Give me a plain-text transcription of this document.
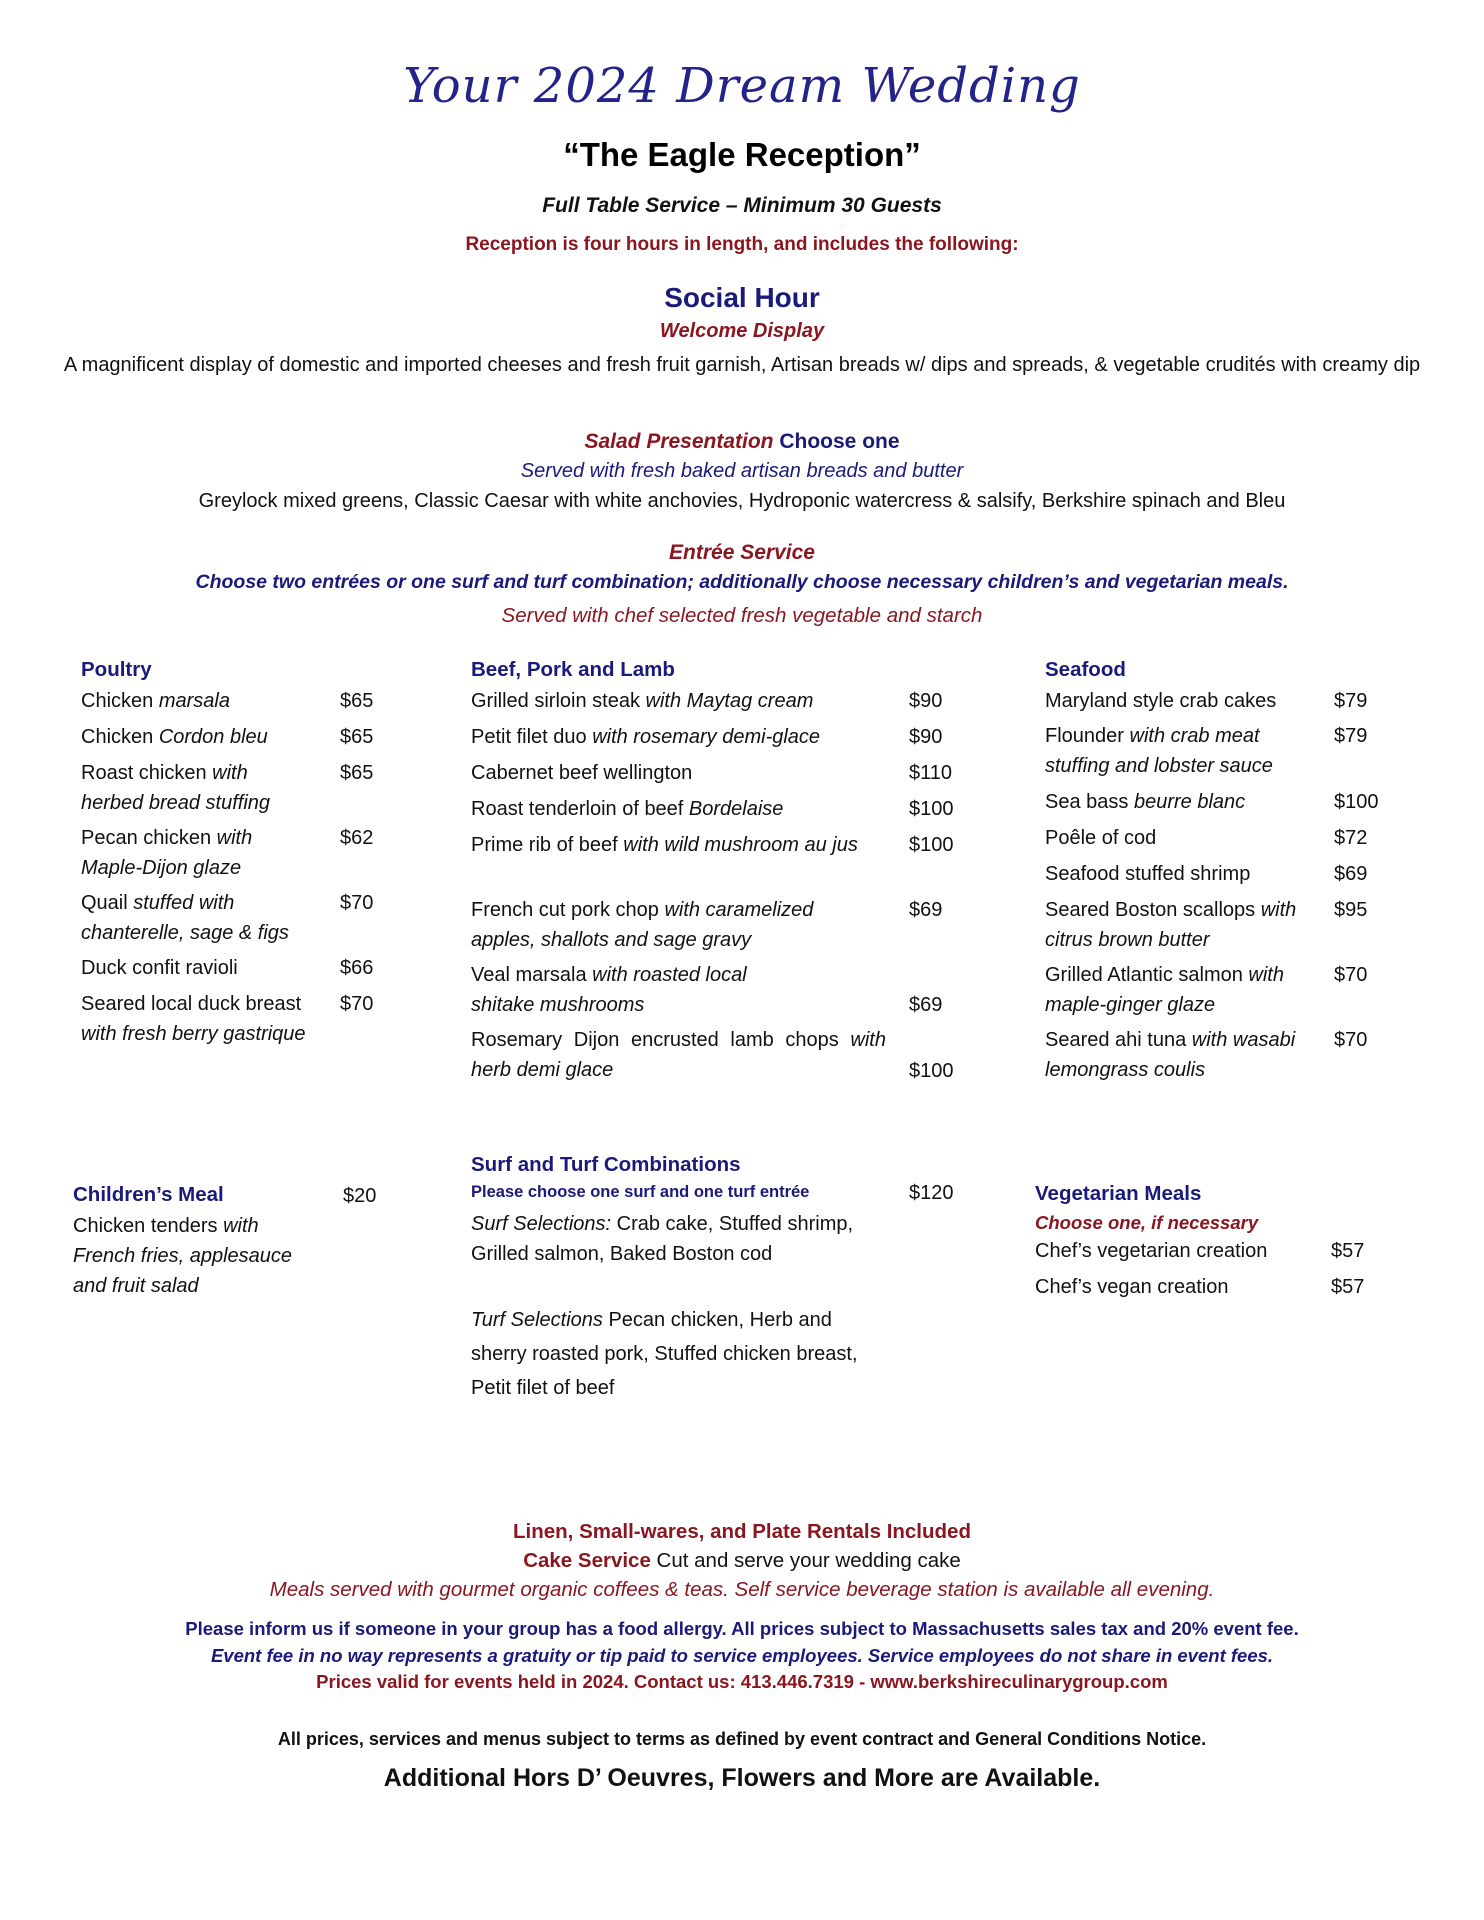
Your 2024 Dream Wedding
“The Eagle Reception”
Full Table Service – Minimum 30 Guests
Reception is four hours in length, and includes the following:
Social Hour
Welcome Display
A magnificent display of domestic and imported cheeses and fresh fruit garnish, Artisan breads w/ dips and spreads, & vegetable crudités with creamy dip
Salad Presentation Choose one
Served with fresh baked artisan breads and butter
Greylock mixed greens, Classic Caesar with white anchovies, Hydroponic watercress & salsify, Berkshire spinach and Bleu
Entrée Service
Choose two entrées or one surf and turf combination; additionally choose necessary children’s and vegetarian meals.
Served with chef selected fresh vegetable and starch
Poultry
Chicken marsala	$65
Chicken Cordon bleu	$65
Roast chicken with herbed bread stuffing
$65
Pecan chicken with Maple-Dijon glaze
$62
Quail stuffed with chanterelle, sage & figs
$70
Duck confit ravioli	$66
Seared local duck breast with fresh berry gastrique
$70
Beef, Pork and Lamb
Grilled sirloin steak with Maytag cream	$90
Petit filet duo with rosemary demi-glace	$90
Cabernet beef wellington	$110
Roast tenderloin of beef Bordelaise	$100
Prime rib of beef with wild mushroom au jus	$100
French cut pork chop with caramelized apples, shallots and sage gravy
$69
Veal marsala with roasted local shitake mushrooms	$69
Rosemary Dijon encrusted lamb chops with herb demi glace	$100
Seafood
Maryland style crab cakes	$79
Flounder with crab meat stuffing and lobster sauce
$79
Sea bass beurre blanc	$100
Poêle of cod	$72
Seafood stuffed shrimp	$69
Seared Boston scallops with citrus brown butter
$95
Grilled Atlantic salmon with maple-ginger glaze
$70
Seared ahi tuna with wasabi lemongrass coulis
$70
Children’s Meal	$20
Chicken tenders with French fries, applesauce and fruit salad
Surf and Turf Combinations
Please choose one surf and one turf entrée	$120
Surf Selections: Crab cake, Stuffed shrimp, Grilled salmon, Baked Boston cod
Turf Selections Pecan chicken, Herb and sherry roasted pork, Stuffed chicken breast, Petit filet of beef
Vegetarian Meals
Choose one, if necessary
Chef’s vegetarian creation	$57
Chef’s vegan creation	$57
Linen, Small-wares, and Plate Rentals Included
Cake Service Cut and serve your wedding cake
Meals served with gourmet organic coffees & teas. Self service beverage station is available all evening.
Please inform us if someone in your group has a food allergy. All prices subject to Massachusetts sales tax and 20% event fee.
Event fee in no way represents a gratuity or tip paid to service employees. Service employees do not share in event fees.
Prices valid for events held in 2024. Contact us: 413.446.7319 - www.berkshireculinarygroup.com
All prices, services and menus subject to terms as defined by event contract and General Conditions Notice.
Additional Hors D’ Oeuvres, Flowers and More are Available.
